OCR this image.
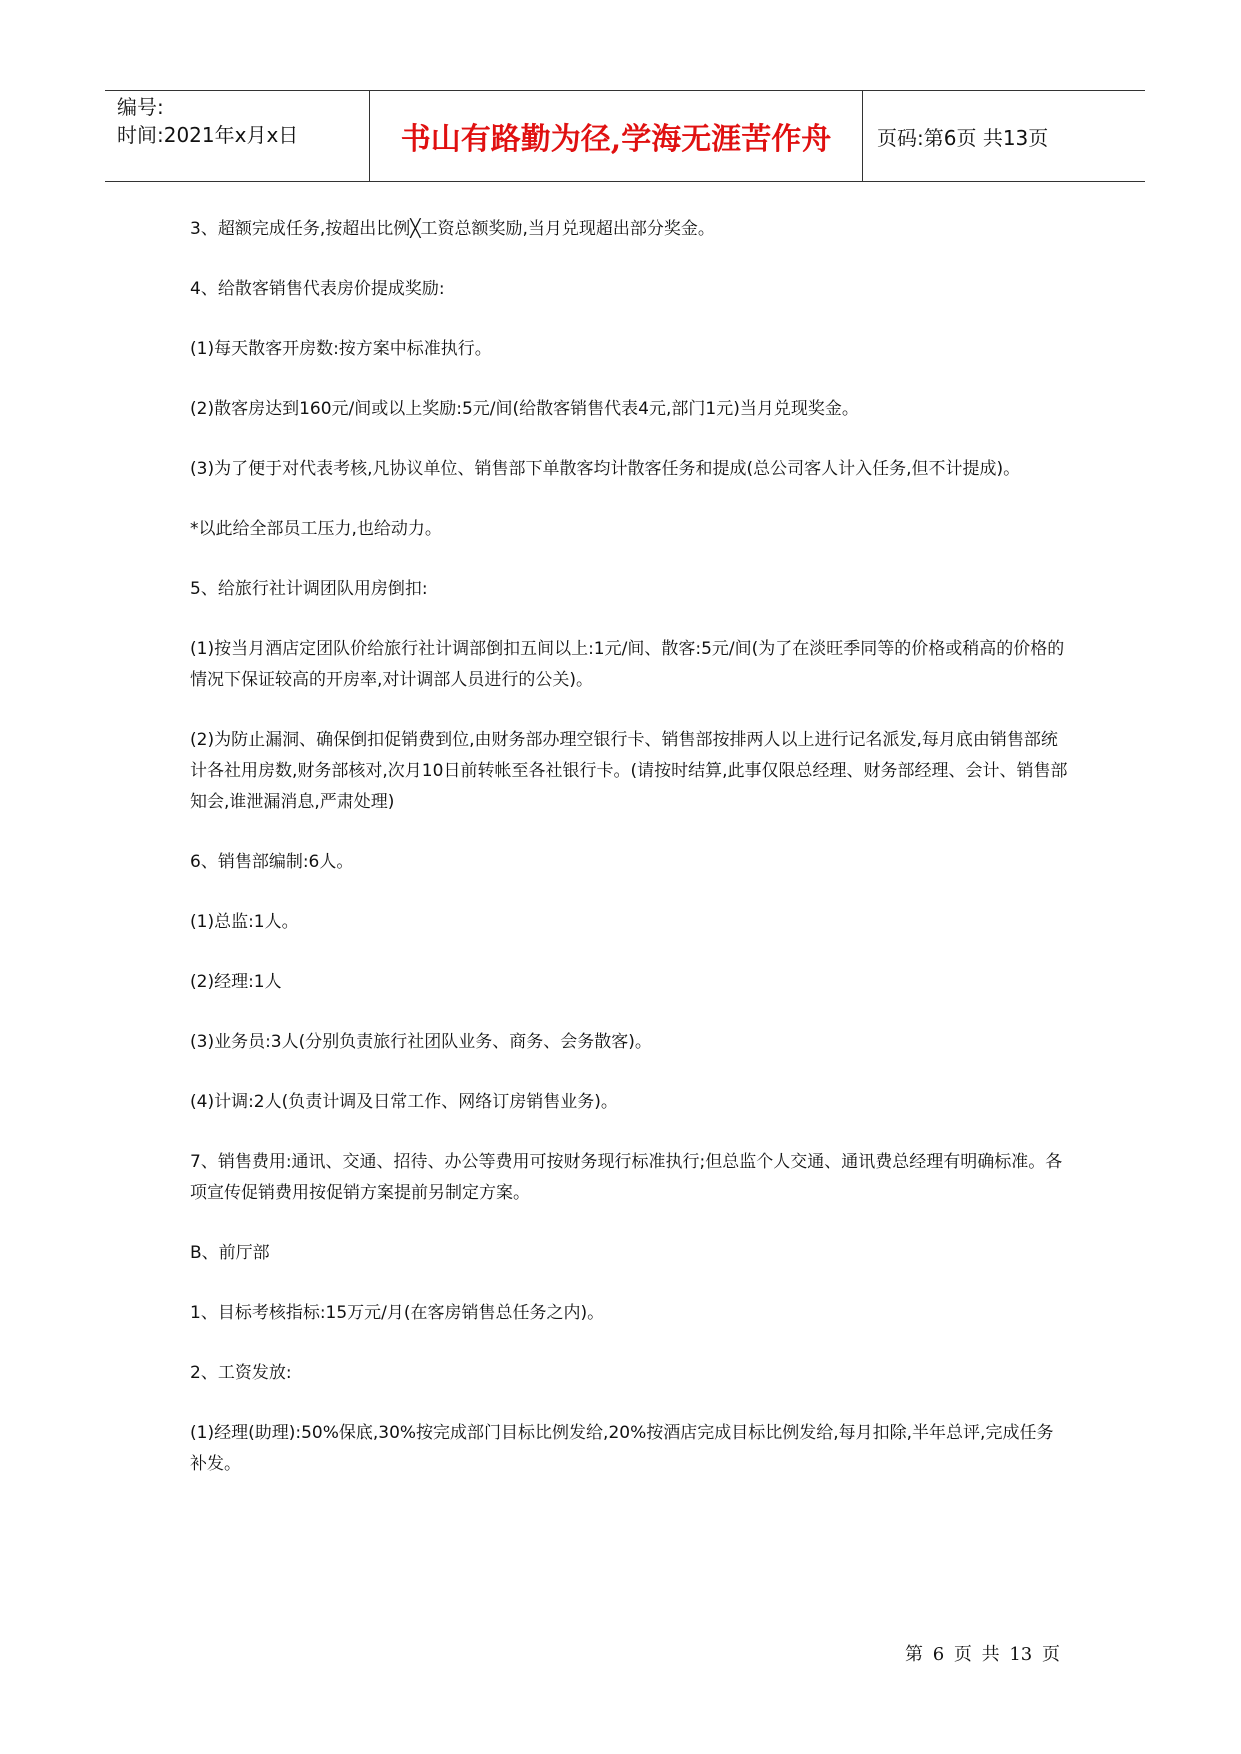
编号:
时间:2021年x月x日	书山有路勤为径,学海无涯苦作舟	页码:第6页 共13页

3、超额完成任务,按超出比例╳工资总额奖励,当月兑现超出部分奖金。

4、给散客销售代表房价提成奖励:

(1)每天散客开房数:按方案中标准执行。

(2)散客房达到160元/间或以上奖励:5元/间(给散客销售代表4元,部门1元)当月兑现奖金。

(3)为了便于对代表考核,凡协议单位、销售部下单散客均计散客任务和提成(总公司客人计入任务,但不计提成)。

*以此给全部员工压力,也给动力。

5、给旅行社计调团队用房倒扣:

(1)按当月酒店定团队价给旅行社计调部倒扣五间以上:1元/间、散客:5元/间(为了在淡旺季同等的价格或稍高的价格的情况下保证较高的开房率,对计调部人员进行的公关)。

(2)为防止漏洞、确保倒扣促销费到位,由财务部办理空银行卡、销售部按排两人以上进行记名派发,每月底由销售部统计各社用房数,财务部核对,次月10日前转帐至各社银行卡。(请按时结算,此事仅限总经理、财务部经理、会计、销售部知会,谁泄漏消息,严肃处理)

6、销售部编制:6人。

(1)总监:1人。

(2)经理:1人

(3)业务员:3人(分别负责旅行社团队业务、商务、会务散客)。

(4)计调:2人(负责计调及日常工作、网络订房销售业务)。

7、销售费用:通讯、交通、招待、办公等费用可按财务现行标准执行;但总监个人交通、通讯费总经理有明确标准。各项宣传促销费用按促销方案提前另制定方案。

B、前厅部

1、目标考核指标:15万元/月(在客房销售总任务之内)。

2、工资发放:

(1)经理(助理):50%保底,30%按完成部门目标比例发给,20%按酒店完成目标比例发给,每月扣除,半年总评,完成任务补发。

第 6 页 共 13 页
